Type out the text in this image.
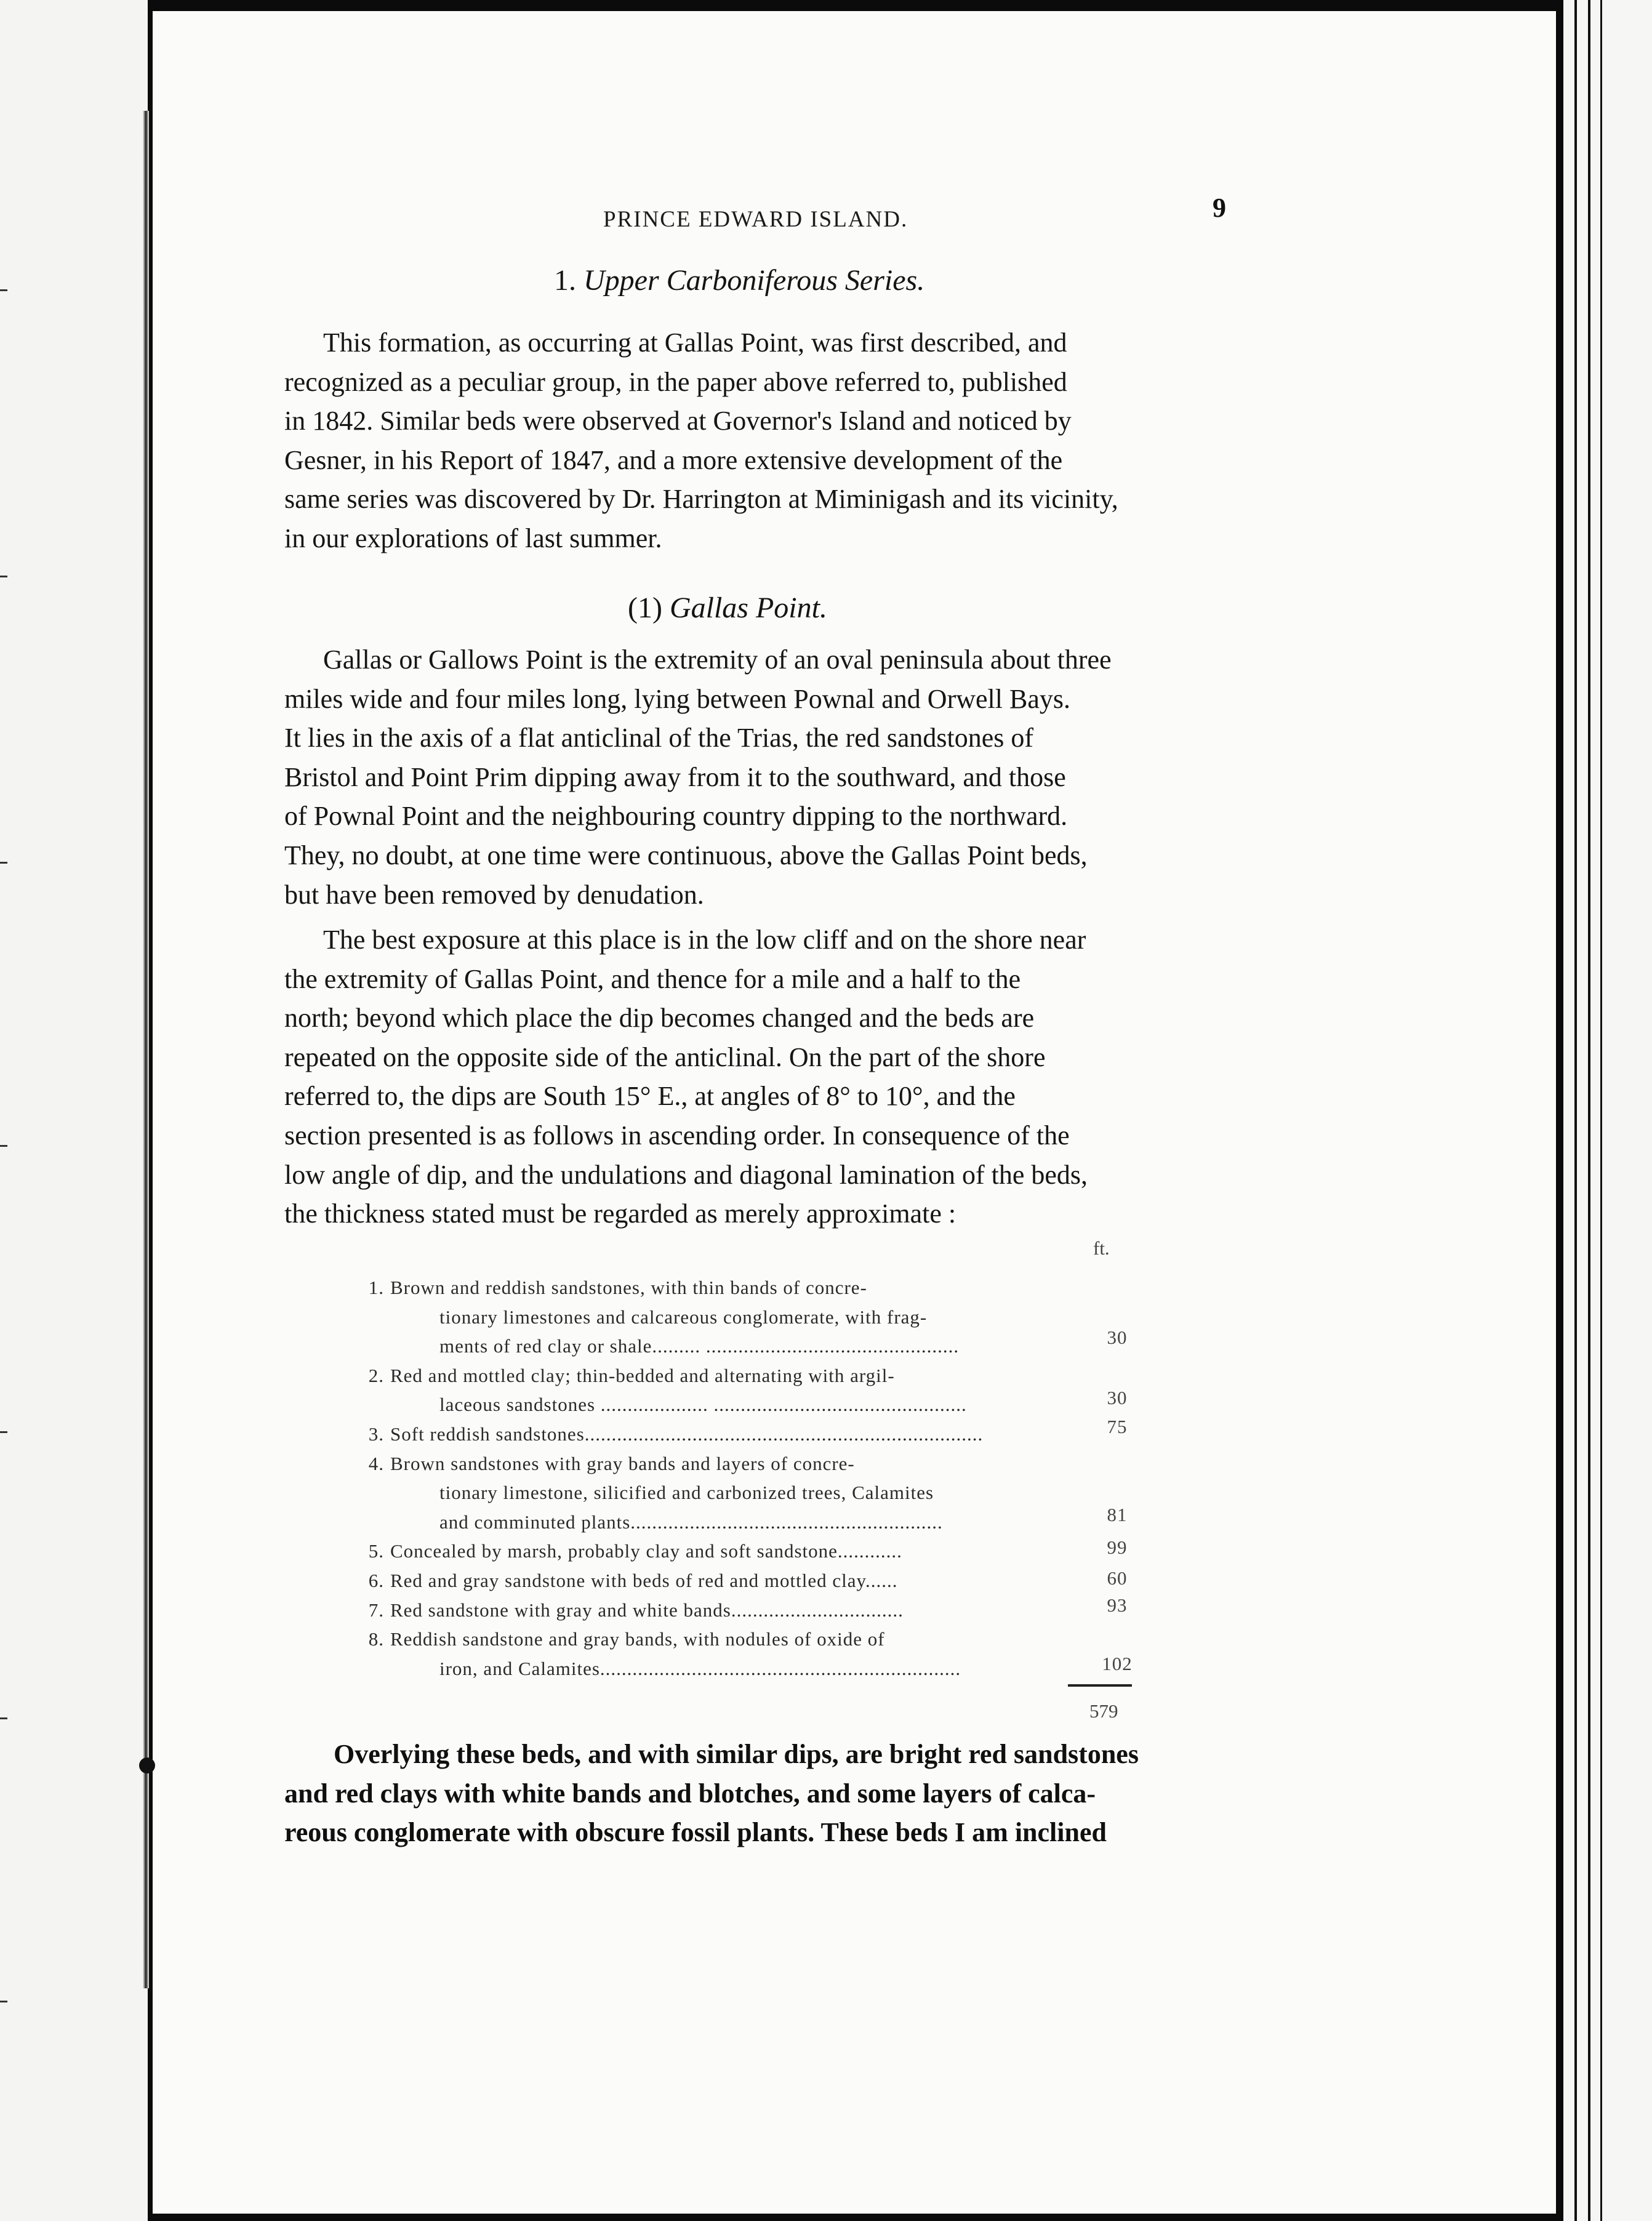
PRINCE EDWARD ISLAND.	9
1. Upper Carboniferous Series.
This formation, as occurring at Gallas Point, was first described, and
recognized as a peculiar group, in the paper above referred to, published
in 1842. Similar beds were observed at Governor's Island and noticed by
Gesner, in his Report of 1847, and a more extensive development of the
same series was discovered by Dr. Harrington at Miminigash and its vicinity,
in our explorations of last summer.
(1) Gallas Point.
Gallas or Gallows Point is the extremity of an oval peninsula about three
miles wide and four miles long, lying between Pownal and Orwell Bays.
It lies in the axis of a flat anticlinal of the Trias, the red sandstones of
Bristol and Point Prim dipping away from it to the southward, and those
of Pownal Point and the neighbouring country dipping to the northward.
They, no doubt, at one time were continuous, above the Gallas Point beds,
but have been removed by denudation.
The best exposure at this place is in the low cliff and on the shore near
the extremity of Gallas Point, and thence for a mile and a half to the
north; beyond which place the dip becomes changed and the beds are
repeated on the opposite side of the anticlinal. On the part of the shore
referred to, the dips are South 15° E., at angles of 8° to 10°, and the
section presented is as follows in ascending order. In consequence of the
low angle of dip, and the undulations and diagonal lamination of the beds,
the thickness stated must be regarded as merely approximate :
ft.
1. Brown and reddish sandstones, with thin bands of concre-
tionary limestones and calcareous conglomerate, with frag-
ments of red clay or shale......... ...............................................	30
2. Red and mottled clay; thin-bedded and alternating with argil-
laceous sandstones .................... ...............................................	30
3. Soft reddish sandstones..........................................................................	75
4. Brown sandstones with gray bands and layers of concre-
tionary limestone, silicified and carbonized trees, Calamites
and comminuted plants..........................................................	81
5. Concealed by marsh, probably clay and soft sandstone............	99
6. Red and gray sandstone with beds of red and mottled clay......	60
7. Red sandstone with gray and white bands................................	93
8. Reddish sandstone and gray bands, with nodules of oxide of
iron, and Calamites...................................................................	102
579
Overlying these beds, and with similar dips, are bright red sandstones
and red clays with white bands and blotches, and some layers of calca-
reous conglomerate with obscure fossil plants. These beds I am inclined
